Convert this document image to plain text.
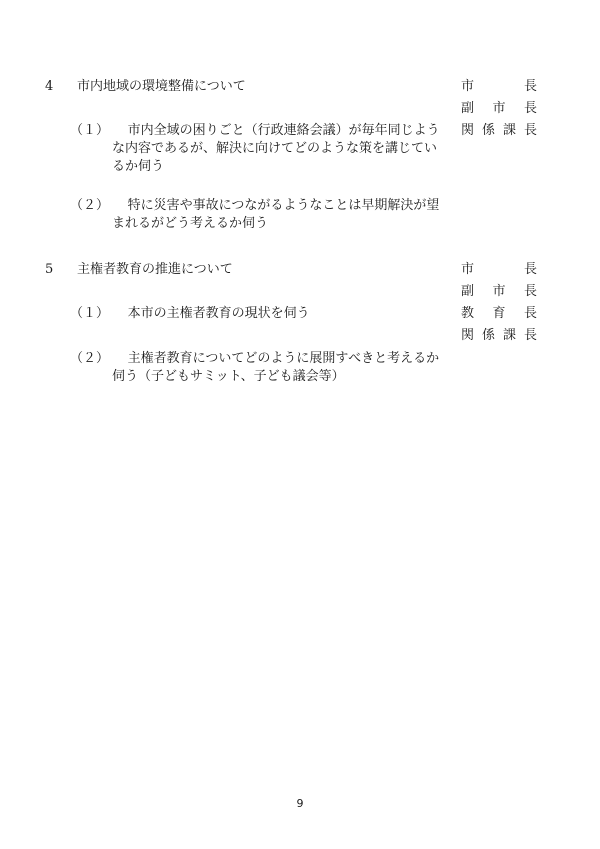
4 市内地域の環境整備について	市	長
副 市 長
関 係 課 長
（１）	市内全域の困りごと（行政連絡会議）が毎年同じような内容であるが、解決に向けてどのような策を講じているか伺う
（２）	特に災害や事故につながるようなことは早期解決が望まれるがどう考えるか伺う
5 主権者教育の推進について	市	長
副 市 長
教 育 長
関 係 課 長
（１）	本市の主権者教育の現状を伺う
（２）	主権者教育についてどのように展開すべきと考えるか伺う（子どもサミット、子ども議会等）
9
